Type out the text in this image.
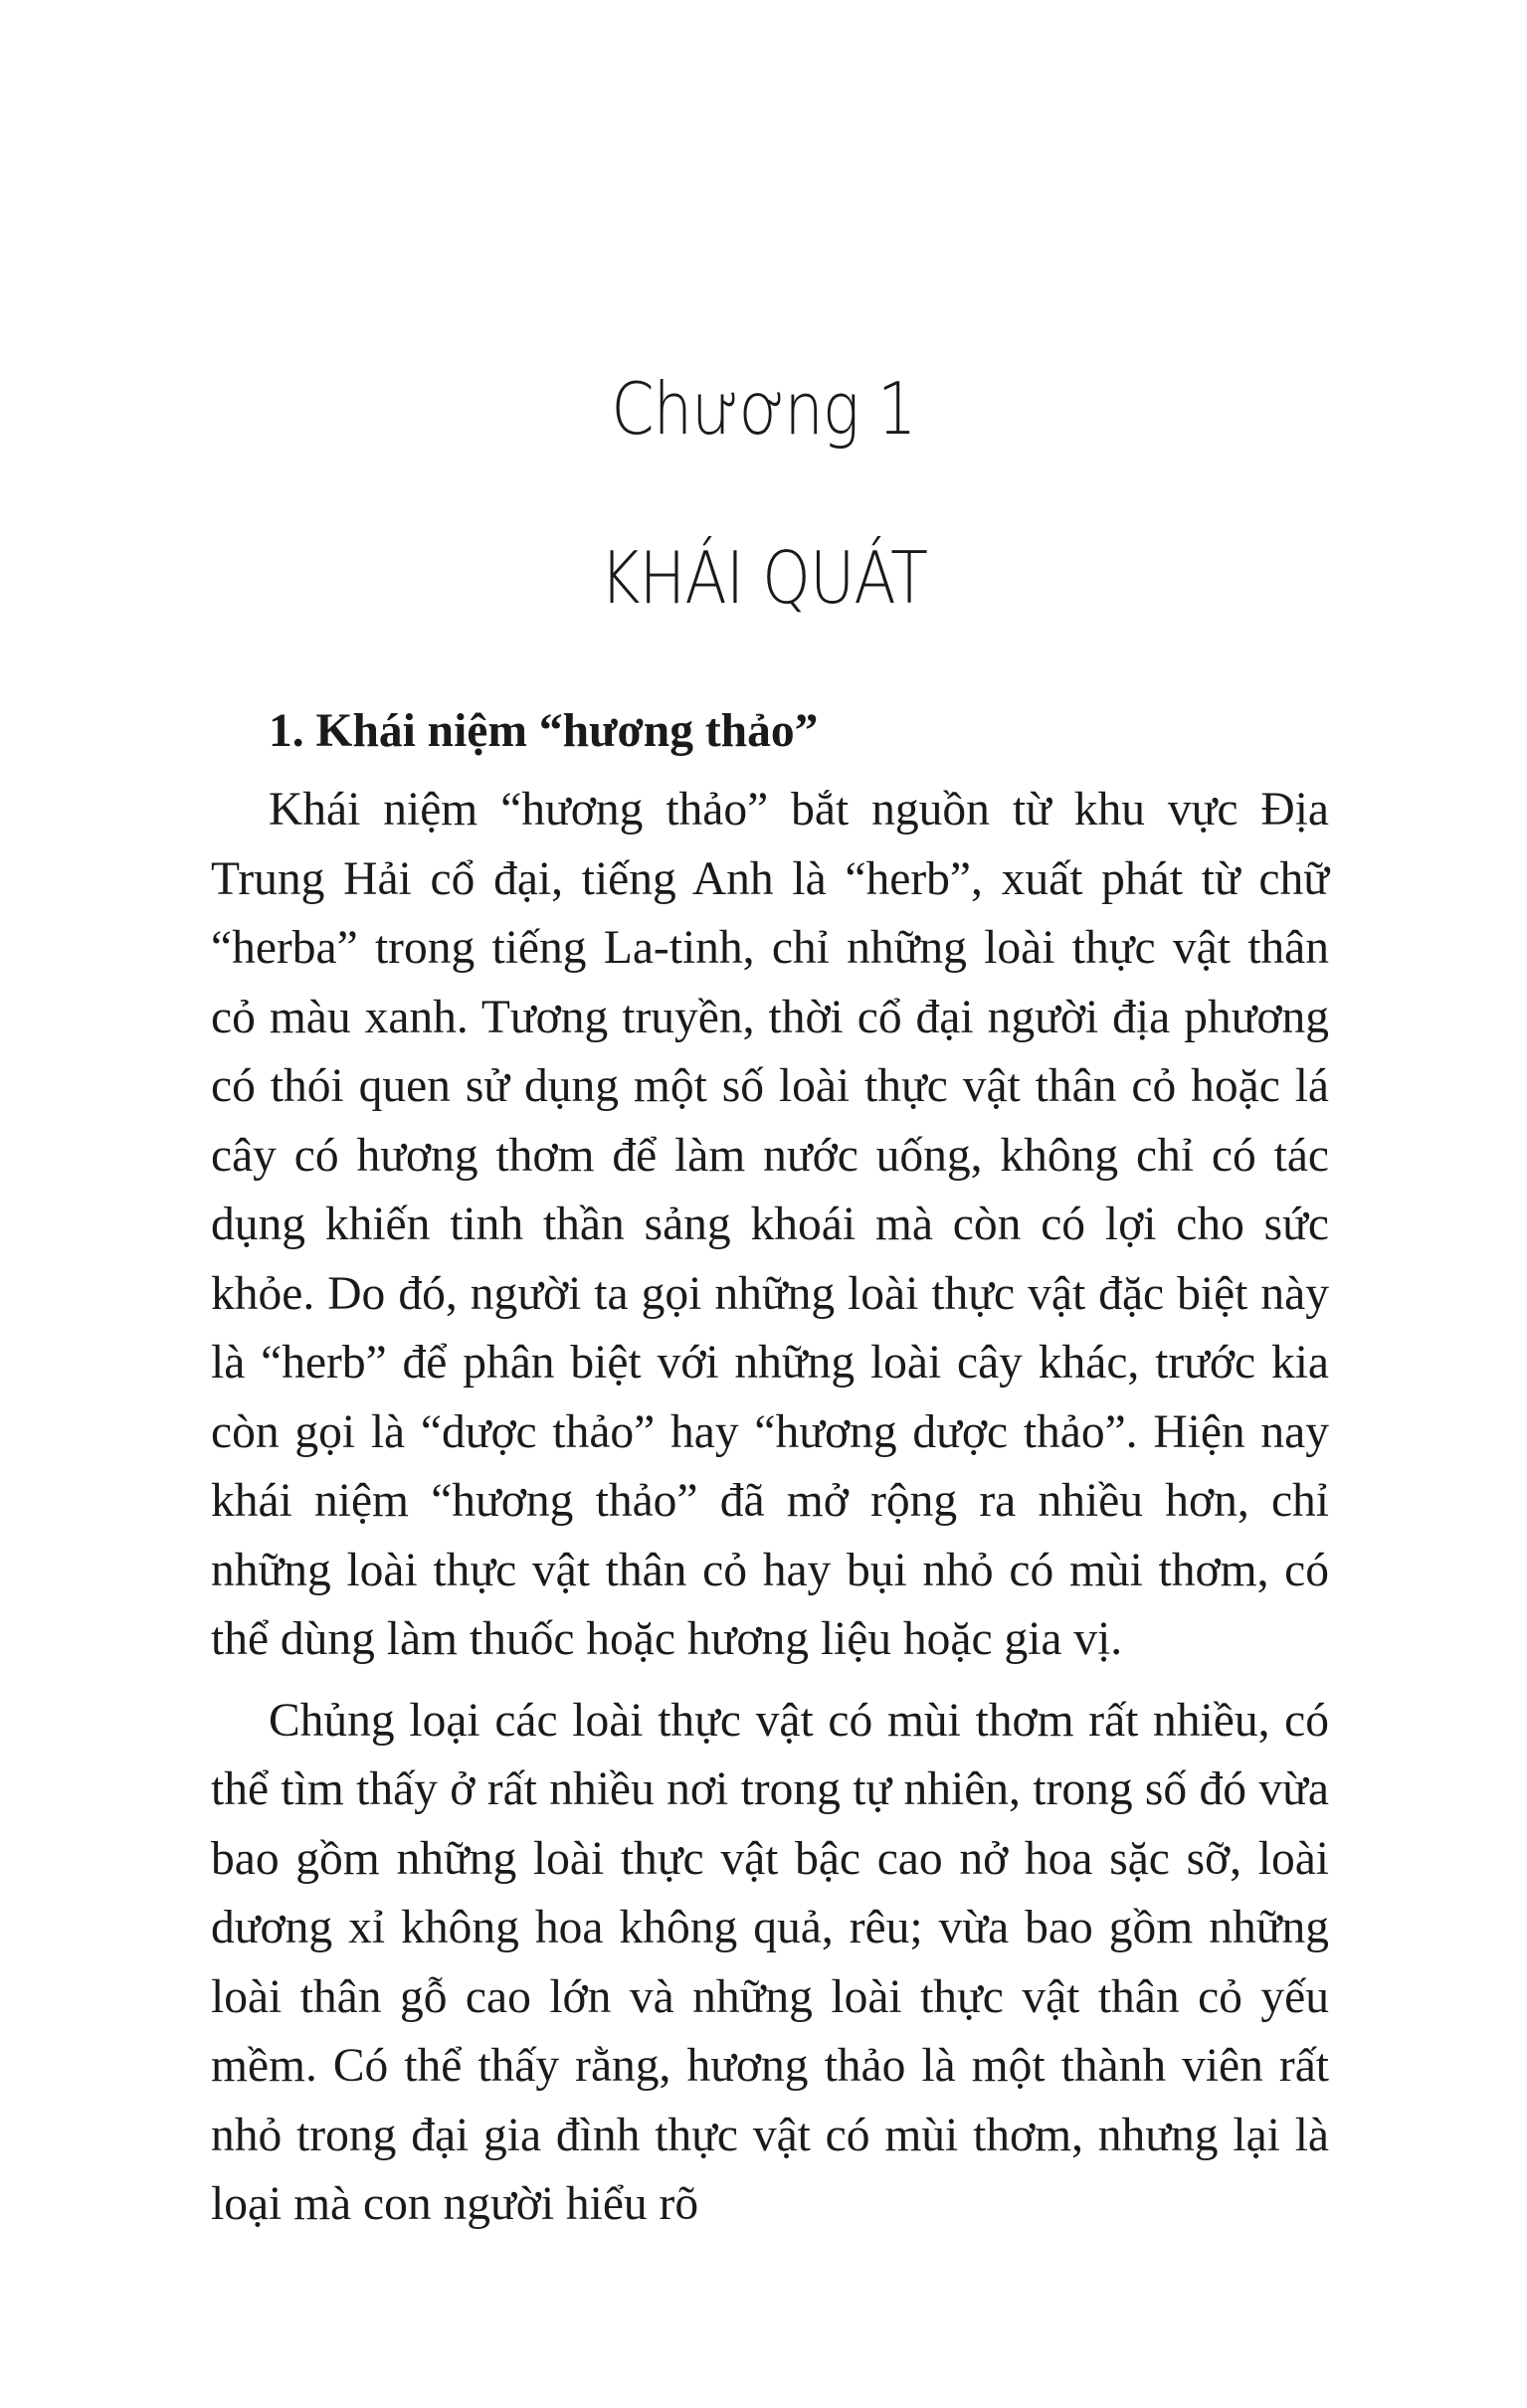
Chương 1
KHÁI QUÁT
1. Khái niệm “hương thảo”

Khái niệm “hương thảo” bắt nguồn từ khu vực Địa Trung Hải cổ đại, tiếng Anh là “herb”, xuất phát từ chữ “herba” trong tiếng La-tinh, chỉ những loài thực vật thân cỏ màu xanh. Tương truyền, thời cổ đại người địa phương có thói quen sử dụng một số loài thực vật thân cỏ hoặc lá cây có hương thơm để làm nước uống, không chỉ có tác dụng khiến tinh thần sảng khoái mà còn có lợi cho sức khỏe. Do đó, người ta gọi những loài thực vật đặc biệt này là “herb” để phân biệt với những loài cây khác, trước kia còn gọi là “dược thảo” hay “hương dược thảo”. Hiện nay khái niệm “hương thảo” đã mở rộng ra nhiều hơn, chỉ những loài thực vật thân cỏ hay bụi nhỏ có mùi thơm, có thể dùng làm thuốc hoặc hương liệu hoặc gia vị.

Chủng loại các loài thực vật có mùi thơm rất nhiều, có thể tìm thấy ở rất nhiều nơi trong tự nhiên, trong số đó vừa bao gồm những loài thực vật bậc cao nở hoa sặc sỡ, loài dương xỉ không hoa không quả, rêu; vừa bao gồm những loài thân gỗ cao lớn và những loài thực vật thân cỏ yếu mềm. Có thể thấy rằng, hương thảo là một thành viên rất nhỏ trong đại gia đình thực vật có mùi thơm, nhưng lại là loại mà con người hiểu rõ
